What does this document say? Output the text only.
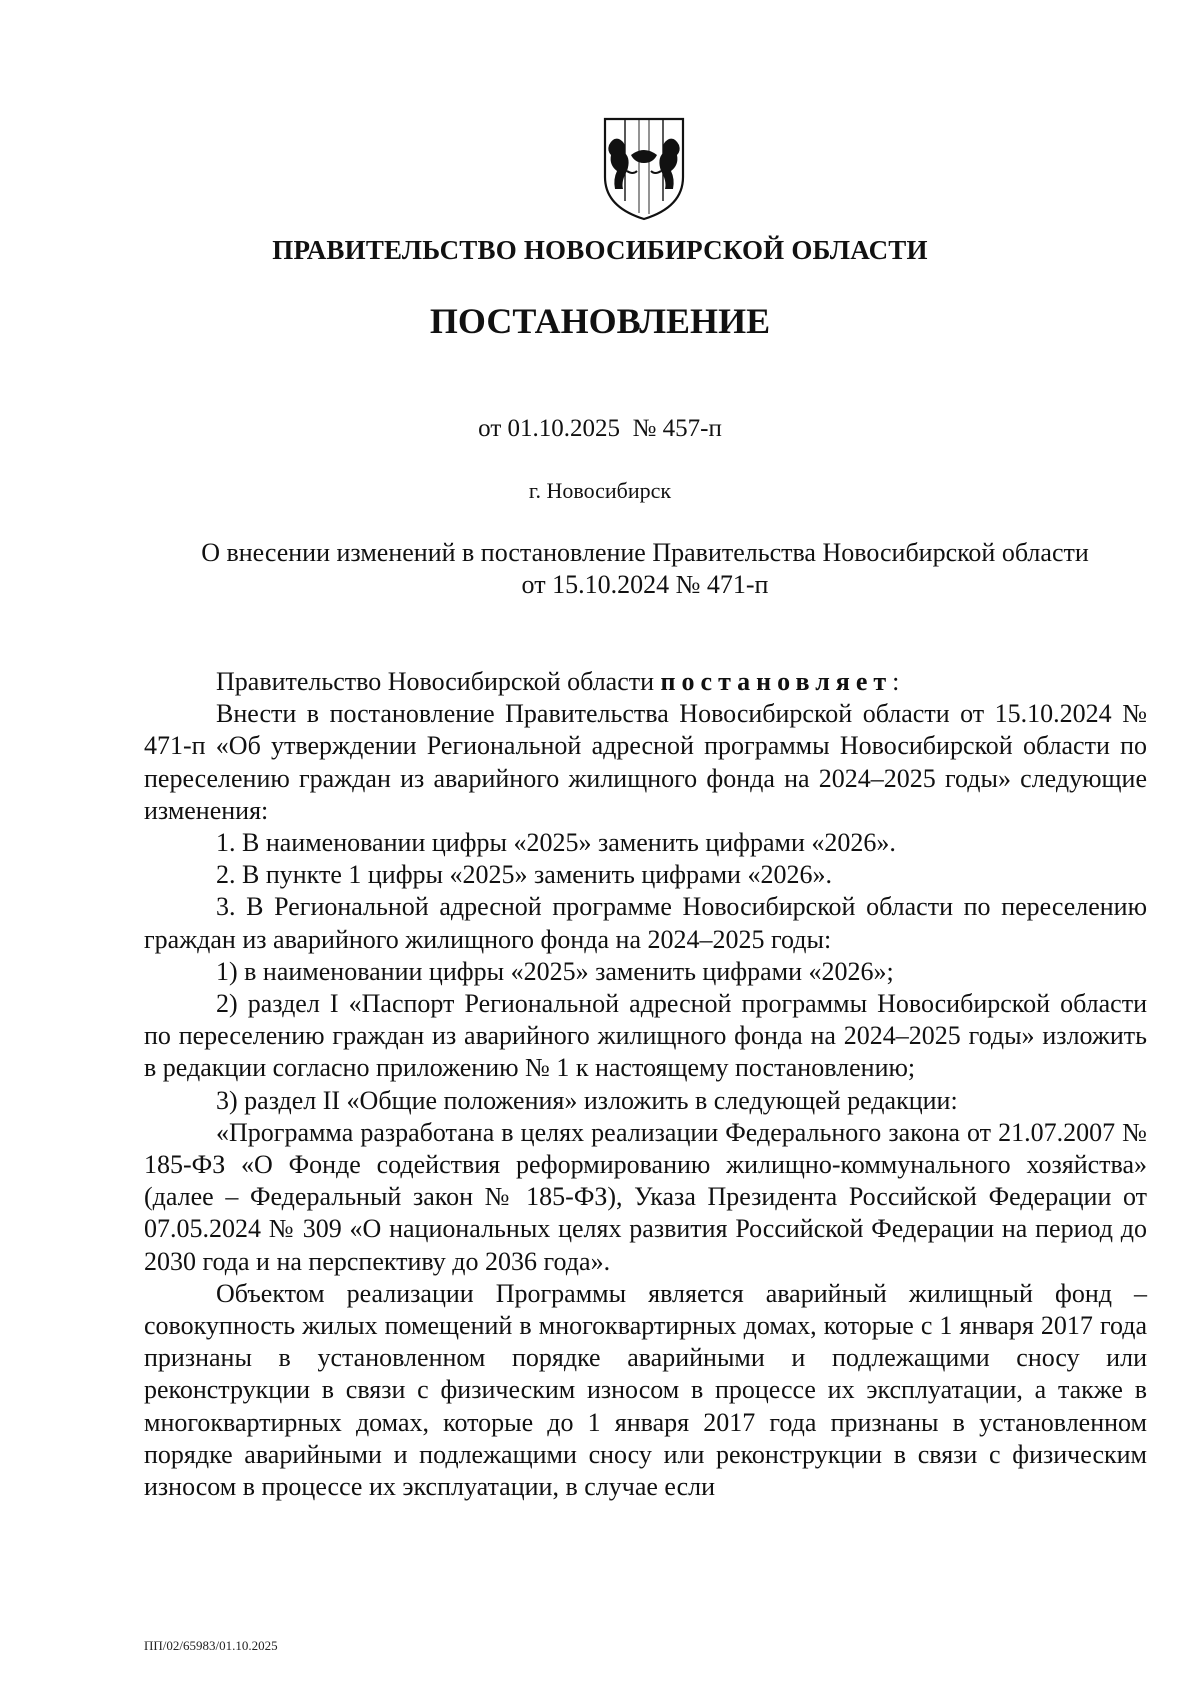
ПРАВИТЕЛЬСТВО НОВОСИБИРСКОЙ ОБЛАСТИ
ПОСТАНОВЛЕНИЕ
от 01.10.2025  № 457-п
г. Новосибирск
О внесении изменений в постановление Правительства Новосибирской области
от 15.10.2024 № 471-п

Правительство Новосибирской области постановляет:

Внести в постановление Правительства Новосибирской области от 15.10.2024 № 471-п «Об утверждении Региональной адресной программы Новосибирской области по переселению граждан из аварийного жилищного фонда на 2024–2025 годы» следующие изменения:

1. В наименовании цифры «2025» заменить цифрами «2026».

2. В пункте 1 цифры «2025» заменить цифрами «2026».

3. В Региональной адресной программе Новосибирской области по переселению граждан из аварийного жилищного фонда на 2024–2025 годы:

1) в наименовании цифры «2025» заменить цифрами «2026»;

2) раздел I «Паспорт Региональной адресной программы Новосибирской области по переселению граждан из аварийного жилищного фонда на 2024–2025 годы» изложить в редакции согласно приложению № 1 к настоящему постановлению;

3) раздел II «Общие положения» изложить в следующей редакции:

«Программа разработана в целях реализации Федерального закона от 21.07.2007 № 185-ФЗ «О Фонде содействия реформированию жилищно-коммунального хозяйства» (далее – Федеральный закон № 185-ФЗ), Указа Президента Российской Федерации от 07.05.2024 № 309 «О национальных целях развития Российской Федерации на период до 2030 года и на перспективу до 2036 года».

Объектом реализации Программы является аварийный жилищный фонд – совокупность жилых помещений в многоквартирных домах, которые с 1 января 2017 года признаны в установленном порядке аварийными и подлежащими сносу или реконструкции в связи с физическим износом в процессе их эксплуатации, а также в многоквартирных домах, которые до 1 января 2017 года признаны в установленном порядке аварийными и подлежащими сносу или реконструкции в связи с физическим износом в процессе их эксплуатации, в случае если

ПП/02/65983/01.10.2025
